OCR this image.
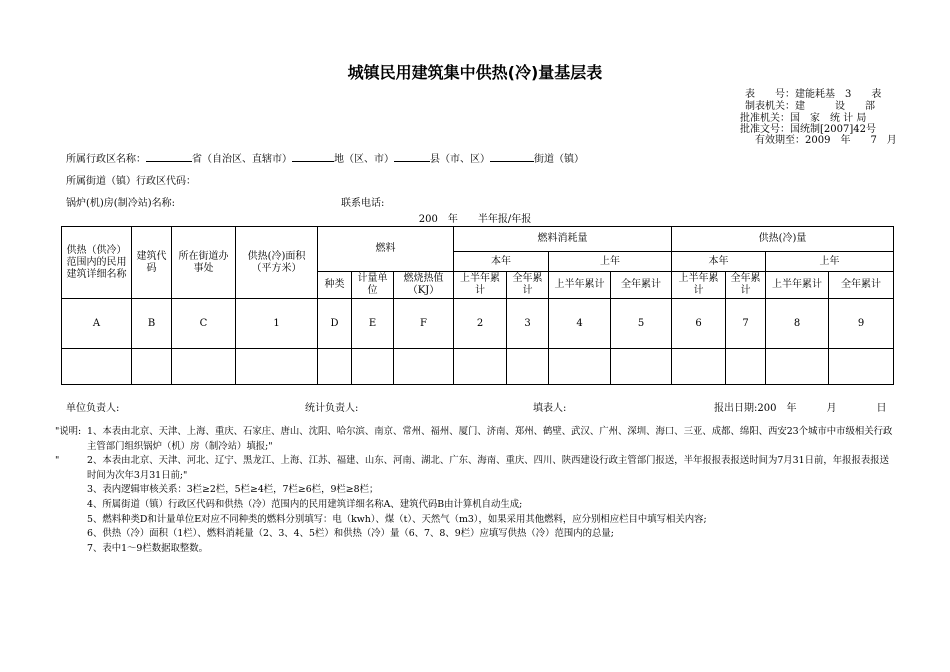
城镇民用建筑集中供热(冷)量基层表
表　　号：建能耗基　3　　表
制表机关：建　　　设　　部
批准机关：国　家　统 计 局
批准文号：国统制[2007]42号
有效期至：2009　年　　7　月
所属行政区名称：	省（自治区、直辖市）	地（区、市）	县（市、区）	街道（镇）
所属街道（镇）行政区代码：
锅炉(机)房(制冷站)名称:	联系电话:
200　年　　半年报/年报
供热（供冷）范围内的民用建筑详细名称	建筑代码	所在街道办事处	供热(冷)面积（平方米）	燃料			燃料消耗量				供热(冷)量			
							本年		上年		本年		上年	
				种类	计量单位	燃烧热值（KJ）	上半年累计	全年累计	上半年累计	全年累计	上半年累计	全年累计	上半年累计	全年累计
A	B	C	1	D	E	F	2	3	4	5	6	7	8	9

单位负责人:	统计负责人:	填表人:	报出日期:200　年　　　月　　　　日
"说明: 1、本表由北京、天津、上海、重庆、石家庄、唐山、沈阳、哈尔滨、南京、常州、福州、厦门、济南、郑州、鹤壁、武汉、广州、深圳、海口、三亚、成都、绵阳、西安23个城市中市级相关行政主管部门组织锅炉（机）房（制冷站）填报;"
"	2、本表由北京、天津、河北、辽宁、黑龙江、上海、江苏、福建、山东、河南、湖北、广东、海南、重庆、四川、陕西建设行政主管部门报送，半年报报表报送时间为7月31日前，年报报表报送时间为次年3月31日前;"
3、表内逻辑审核关系：3栏≥2栏，5栏≥4栏，7栏≥6栏，9栏≥8栏；
4、所属街道（镇）行政区代码和供热（冷）范围内的民用建筑详细名称A、建筑代码B由计算机自动生成;
5、燃料种类D和计量单位E对应不同种类的燃料分别填写：电（kwh）、煤（t）、天然气（m3），如果采用其他燃料，应分别相应栏目中填写相关内容;
6、供热（冷）面积（1栏）、燃料消耗量（2、3、4、5栏）和供热（冷）量（6、7、8、9栏）应填写供热（冷）范围内的总量;
7、表中1～9栏数据取整数。
